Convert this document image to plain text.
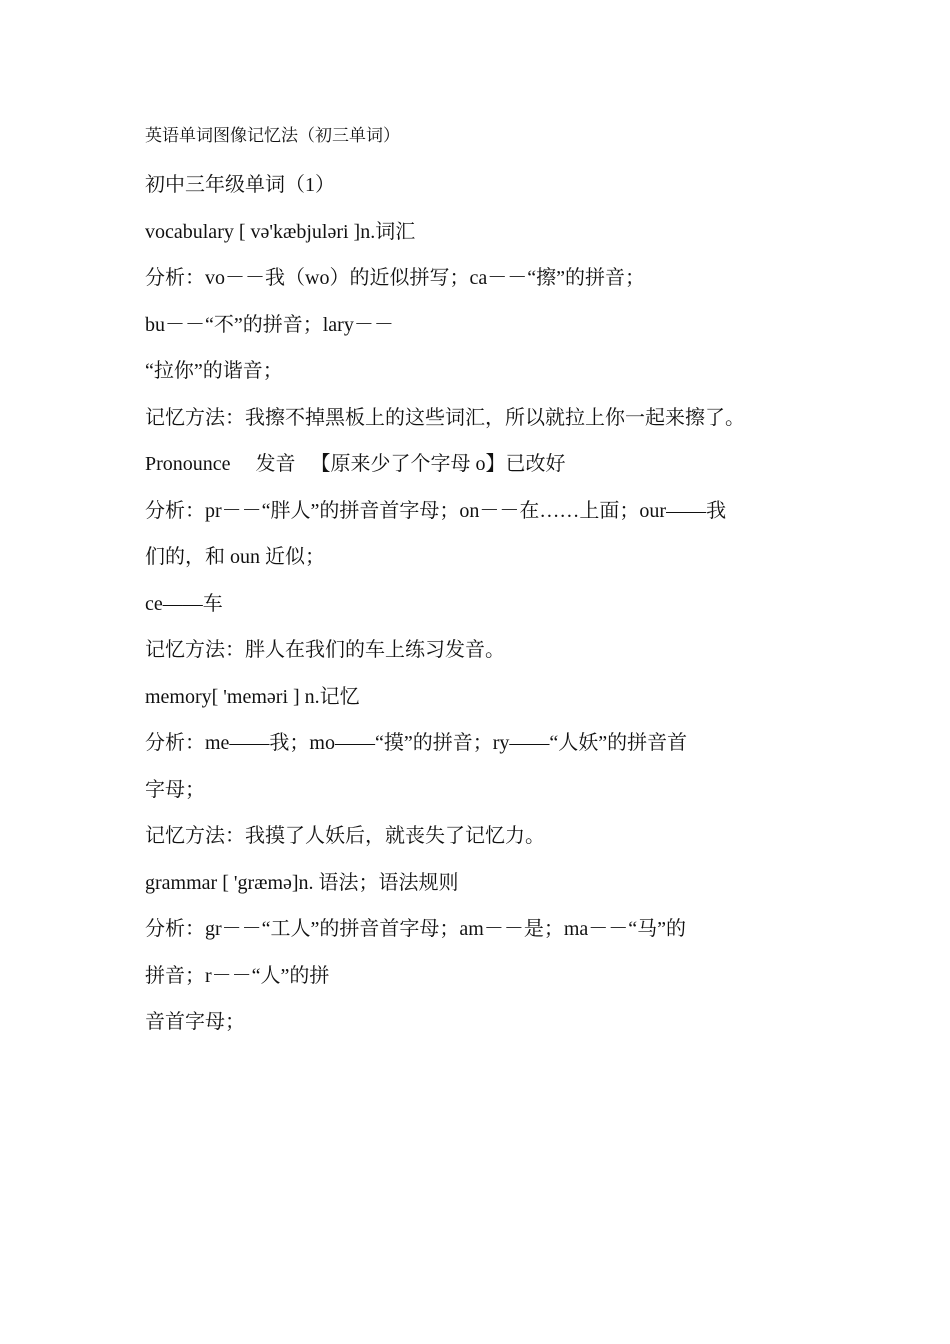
英语单词图像记忆法（初三单词）

初中三年级单词（1）

vocabulary [ və'kæbjuləri ]n.词汇

分析：vo－－我（wo）的近似拼写；ca－－“擦”的拼音；

bu－－“不”的拼音；lary－－

“拉你”的谐音；

记忆方法：我擦不掉黑板上的这些词汇，所以就拉上你一起来擦了。

Pronounce　 发音 　【原来少了个字母 o】已改好

分析：pr－－“胖人”的拼音首字母；on－－在……上面；our——我

们的，和 oun 近似；

ce——车

记忆方法：胖人在我们的车上练习发音。

memory[ 'meməri ] n.记忆

分析：me——我；mo——“摸”的拼音；ry——“人妖”的拼音首

字母；

记忆方法：我摸了人妖后，就丧失了记忆力。

grammar [ 'græmə]n. 语法；语法规则

分析：gr－－“工人”的拼音首字母；am－－是；ma－－“马”的

拼音；r－－“人”的拼

音首字母；
